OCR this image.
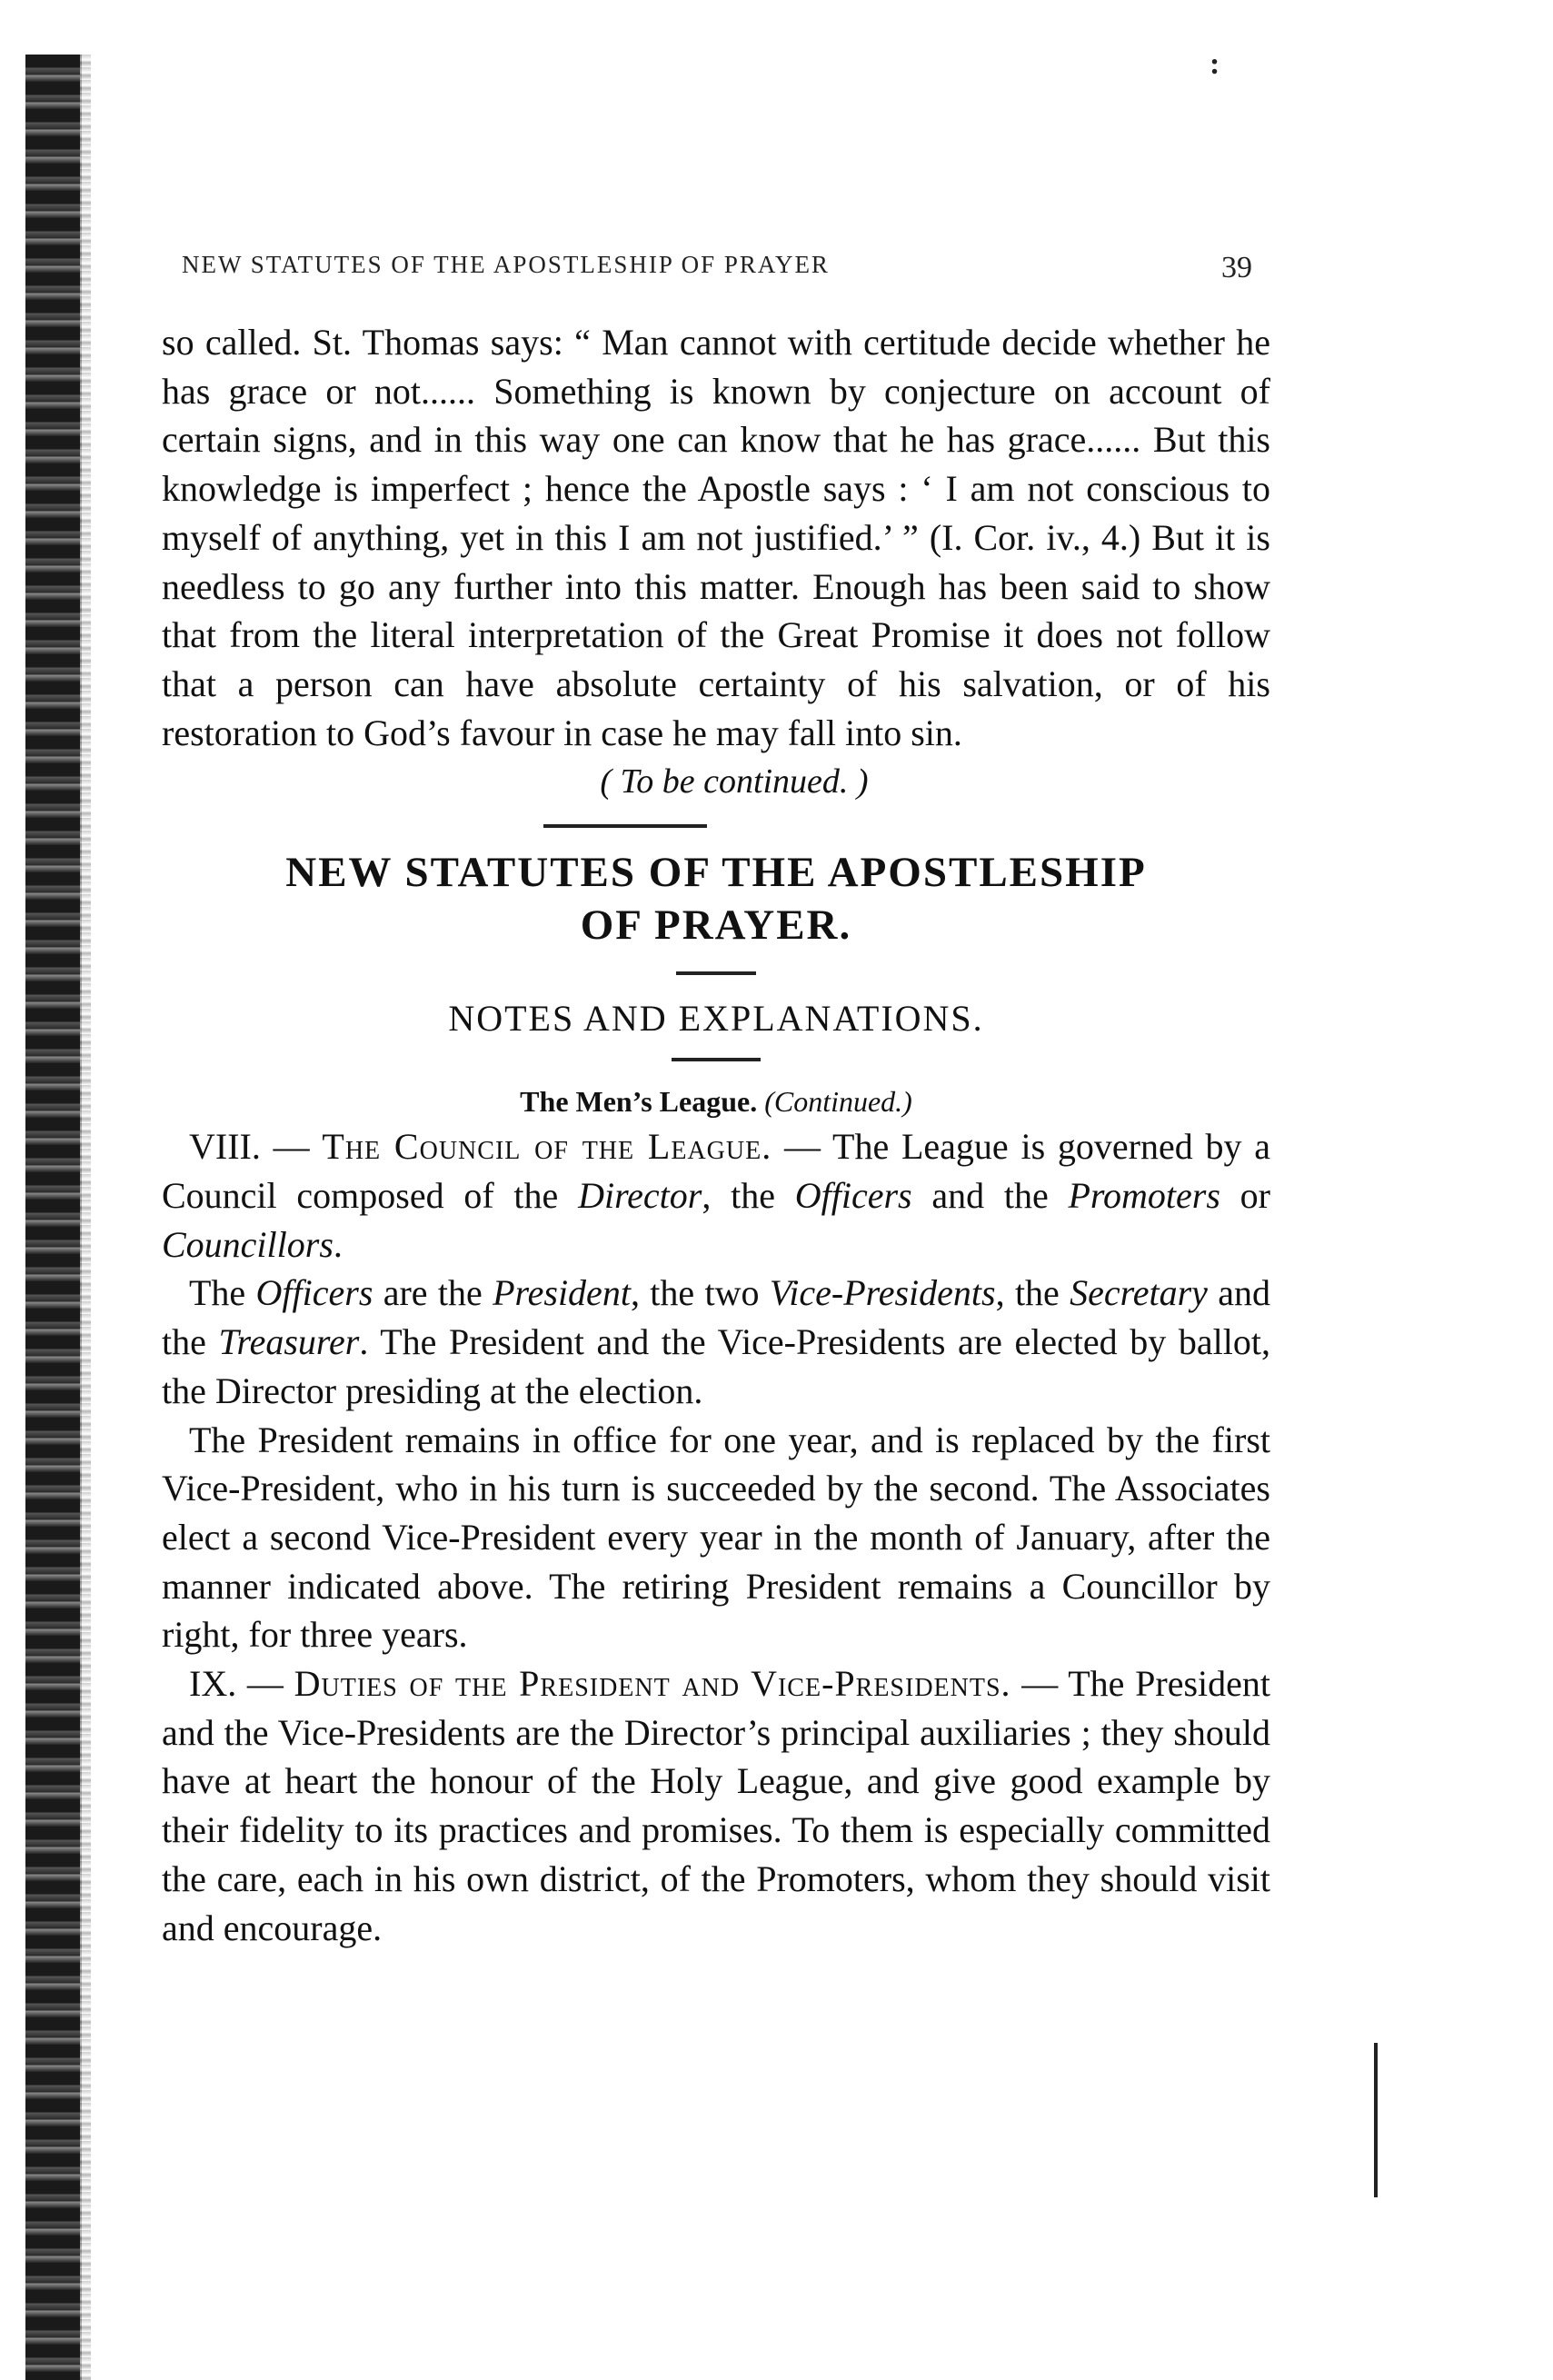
:
NEW STATUTES OF THE APOSTLESHIP OF PRAYER	39

so called. St. Thomas says: “ Man cannot with certitude decide whether he has grace or not...... Something is known by conjecture on account of certain signs, and in this way one can know that he has grace...... But this knowledge is imperfect ; hence the Apostle says : ‘ I am not conscious to myself of anything, yet in this I am not justified.’ ” (I. Cor. iv., 4.) But it is needless to go any further into this matter. Enough has been said to show that from the literal interpretation of the Great Promise it does not follow that a person can have absolute certainty of his salvation, or of his restoration to God’s favour in case he may fall into sin.

( To be continued. )
NEW STATUTES OF THE APOSTLESHIP
OF PRAYER.
NOTES AND EXPLANATIONS.
The Men’s League. (Continued.)

VIII. — The Council of the League. — The League is governed by a Council composed of the Director, the Officers and the Promoters or Councillors.

The Officers are the President, the two Vice-Presidents, the Secretary and the Treasurer. The President and the Vice-Presidents are elected by ballot, the Director presiding at the election.

The President remains in office for one year, and is replaced by the first Vice-President, who in his turn is succeeded by the second. The Associates elect a second Vice-President every year in the month of January, after the manner indicated above. The retiring President remains a Councillor by right, for three years.

IX. — Duties of the President and Vice-Presidents. — The President and the Vice-Presidents are the Director’s principal auxiliaries ; they should have at heart the honour of the Holy League, and give good example by their fidelity to its practices and promises. To them is especially committed the care, each in his own district, of the Promoters, whom they should visit and encourage.
